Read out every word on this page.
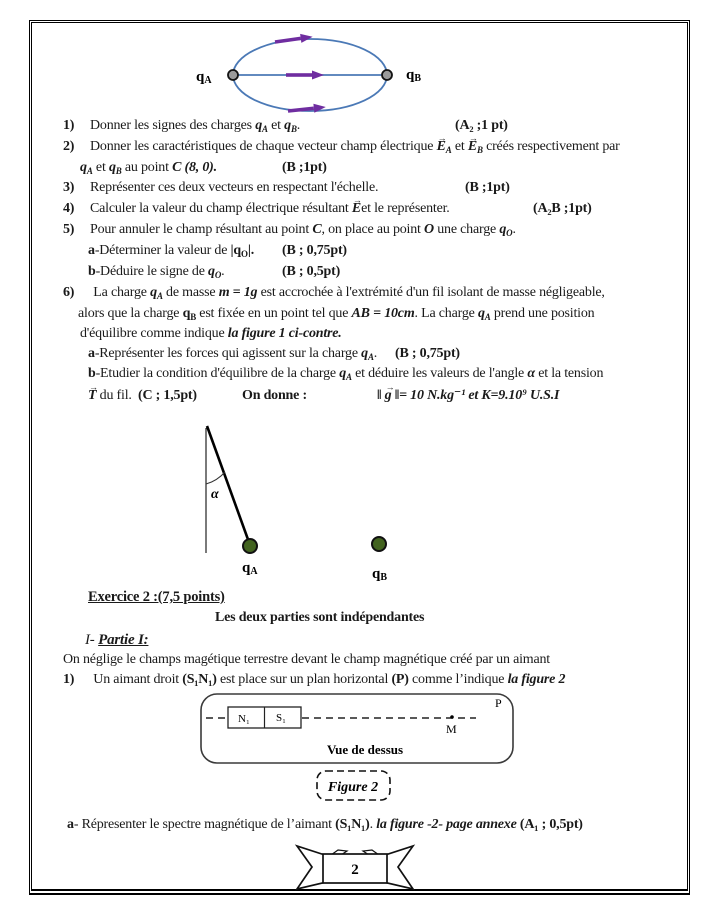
qA	qB
1) Donner les signes des charges $q_A$ et $q_B$.	(A₂ ;1 pt)
2) Donner les caractéristiques de chaque vecteur champ électrique → $E_A$ et → $E_B$ créés respectivement par
$q_A$ et $q_B$ au point C (8, 0).	(B ;1pt)
3) Représenter ces deux vecteurs en respectant l'échelle.	(B ;1pt)
4) Calculer la valeur du champ électrique résultant → Eet le représenter.	(A₂B ;1pt)
5) Pour annuler le champ résultant au point C, on place au point O une charge $q_O$.
a-Déterminer la valeur de $|q_O|$. (B ; 0,75pt)
b-Déduire le signe de $q_O$.	(B ; 0,5pt)
6) La charge $q_A$ de masse m = 1g est accrochée à l'extrémité d'un fil isolant de masse négligeable,
alors que la charge $q_B$ est fixée en un point tel que AB = 10cm. La charge $q_A$ prend une position
d'équilibre comme indique la figure 1 ci-contre.
a-Représenter les forces qui agissent sur la charge $q_A$. (B ; 0,75pt)
b-Etudier la condition d'équilibre de la charge $q_A$ et déduire les valeurs de l'angle α et la tension
→ T du fil. (C ; 1,5pt)	On donne :	‖ → g ‖= 10 N.kg⁻¹ et K=9.10⁹ U.S.I
Exercice 2 :(7,5 points)
Les deux parties sont indépendantes
I- Partie I:
On néglige le champs magétique terrestre devant le champ magnétique créé par un aimant
1) Un aimant droit (S₁N₁) est place sur un plan horizontal (P) comme l’indique la figure 2
a- Répresenter le spectre magnétique de l’aimant (S₁N₁). la figure -2- page annexe (A₁ ; 0,5pt)
α
qA	qB
N₁ S₁
M
P
Vue de dessus
Figure 2
2
